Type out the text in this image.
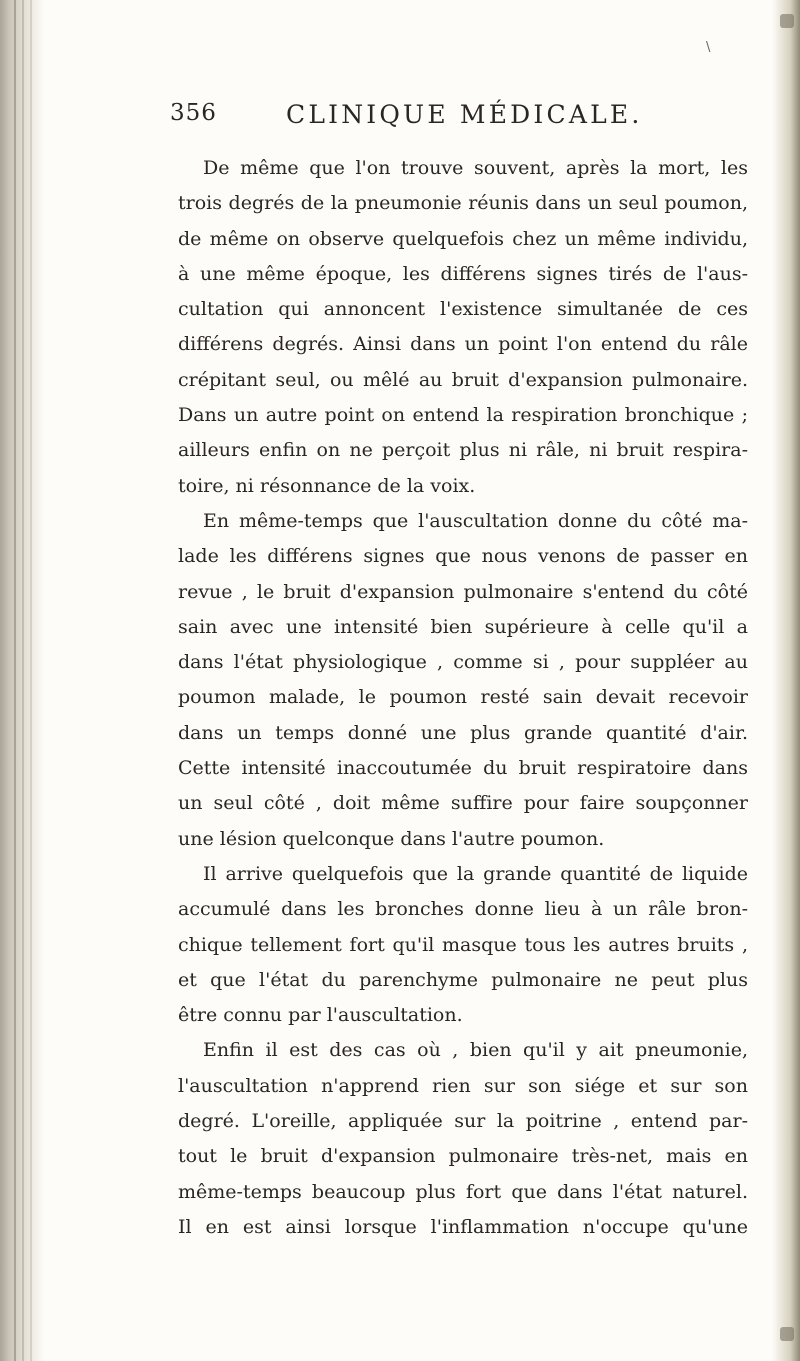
\
356	CLINIQUE MÉDICALE.
De même que l'on trouve souvent, après la mort, les
trois degrés de la pneumonie réunis dans un seul poumon,
de même on observe quelquefois chez un même individu,
à une même époque, les différens signes tirés de l'aus-
cultation qui annoncent l'existence simultanée de ces
différens degrés. Ainsi dans un point l'on entend du râle
crépitant seul, ou mêlé au bruit d'expansion pulmonaire.
Dans un autre point on entend la respiration bronchique ;
ailleurs enfin on ne perçoit plus ni râle, ni bruit respira-
toire, ni résonnance de la voix.
En même-temps que l'auscultation donne du côté ma-
lade les différens signes que nous venons de passer en
revue , le bruit d'expansion pulmonaire s'entend du côté
sain avec une intensité bien supérieure à celle qu'il a
dans l'état physiologique , comme si , pour suppléer au
poumon malade, le poumon resté sain devait recevoir
dans un temps donné une plus grande quantité d'air.
Cette intensité inaccoutumée du bruit respiratoire dans
un seul côté , doit même suffire pour faire soupçonner
une lésion quelconque dans l'autre poumon.
Il arrive quelquefois que la grande quantité de liquide
accumulé dans les bronches donne lieu à un râle bron-
chique tellement fort qu'il masque tous les autres bruits ,
et que l'état du parenchyme pulmonaire ne peut plus
être connu par l'auscultation.
Enfin il est des cas où , bien qu'il y ait pneumonie,
l'auscultation n'apprend rien sur son siége et sur son
degré. L'oreille, appliquée sur la poitrine , entend par-
tout le bruit d'expansion pulmonaire très-net, mais en
même-temps beaucoup plus fort que dans l'état naturel.
Il en est ainsi lorsque l'inflammation n'occupe qu'une
